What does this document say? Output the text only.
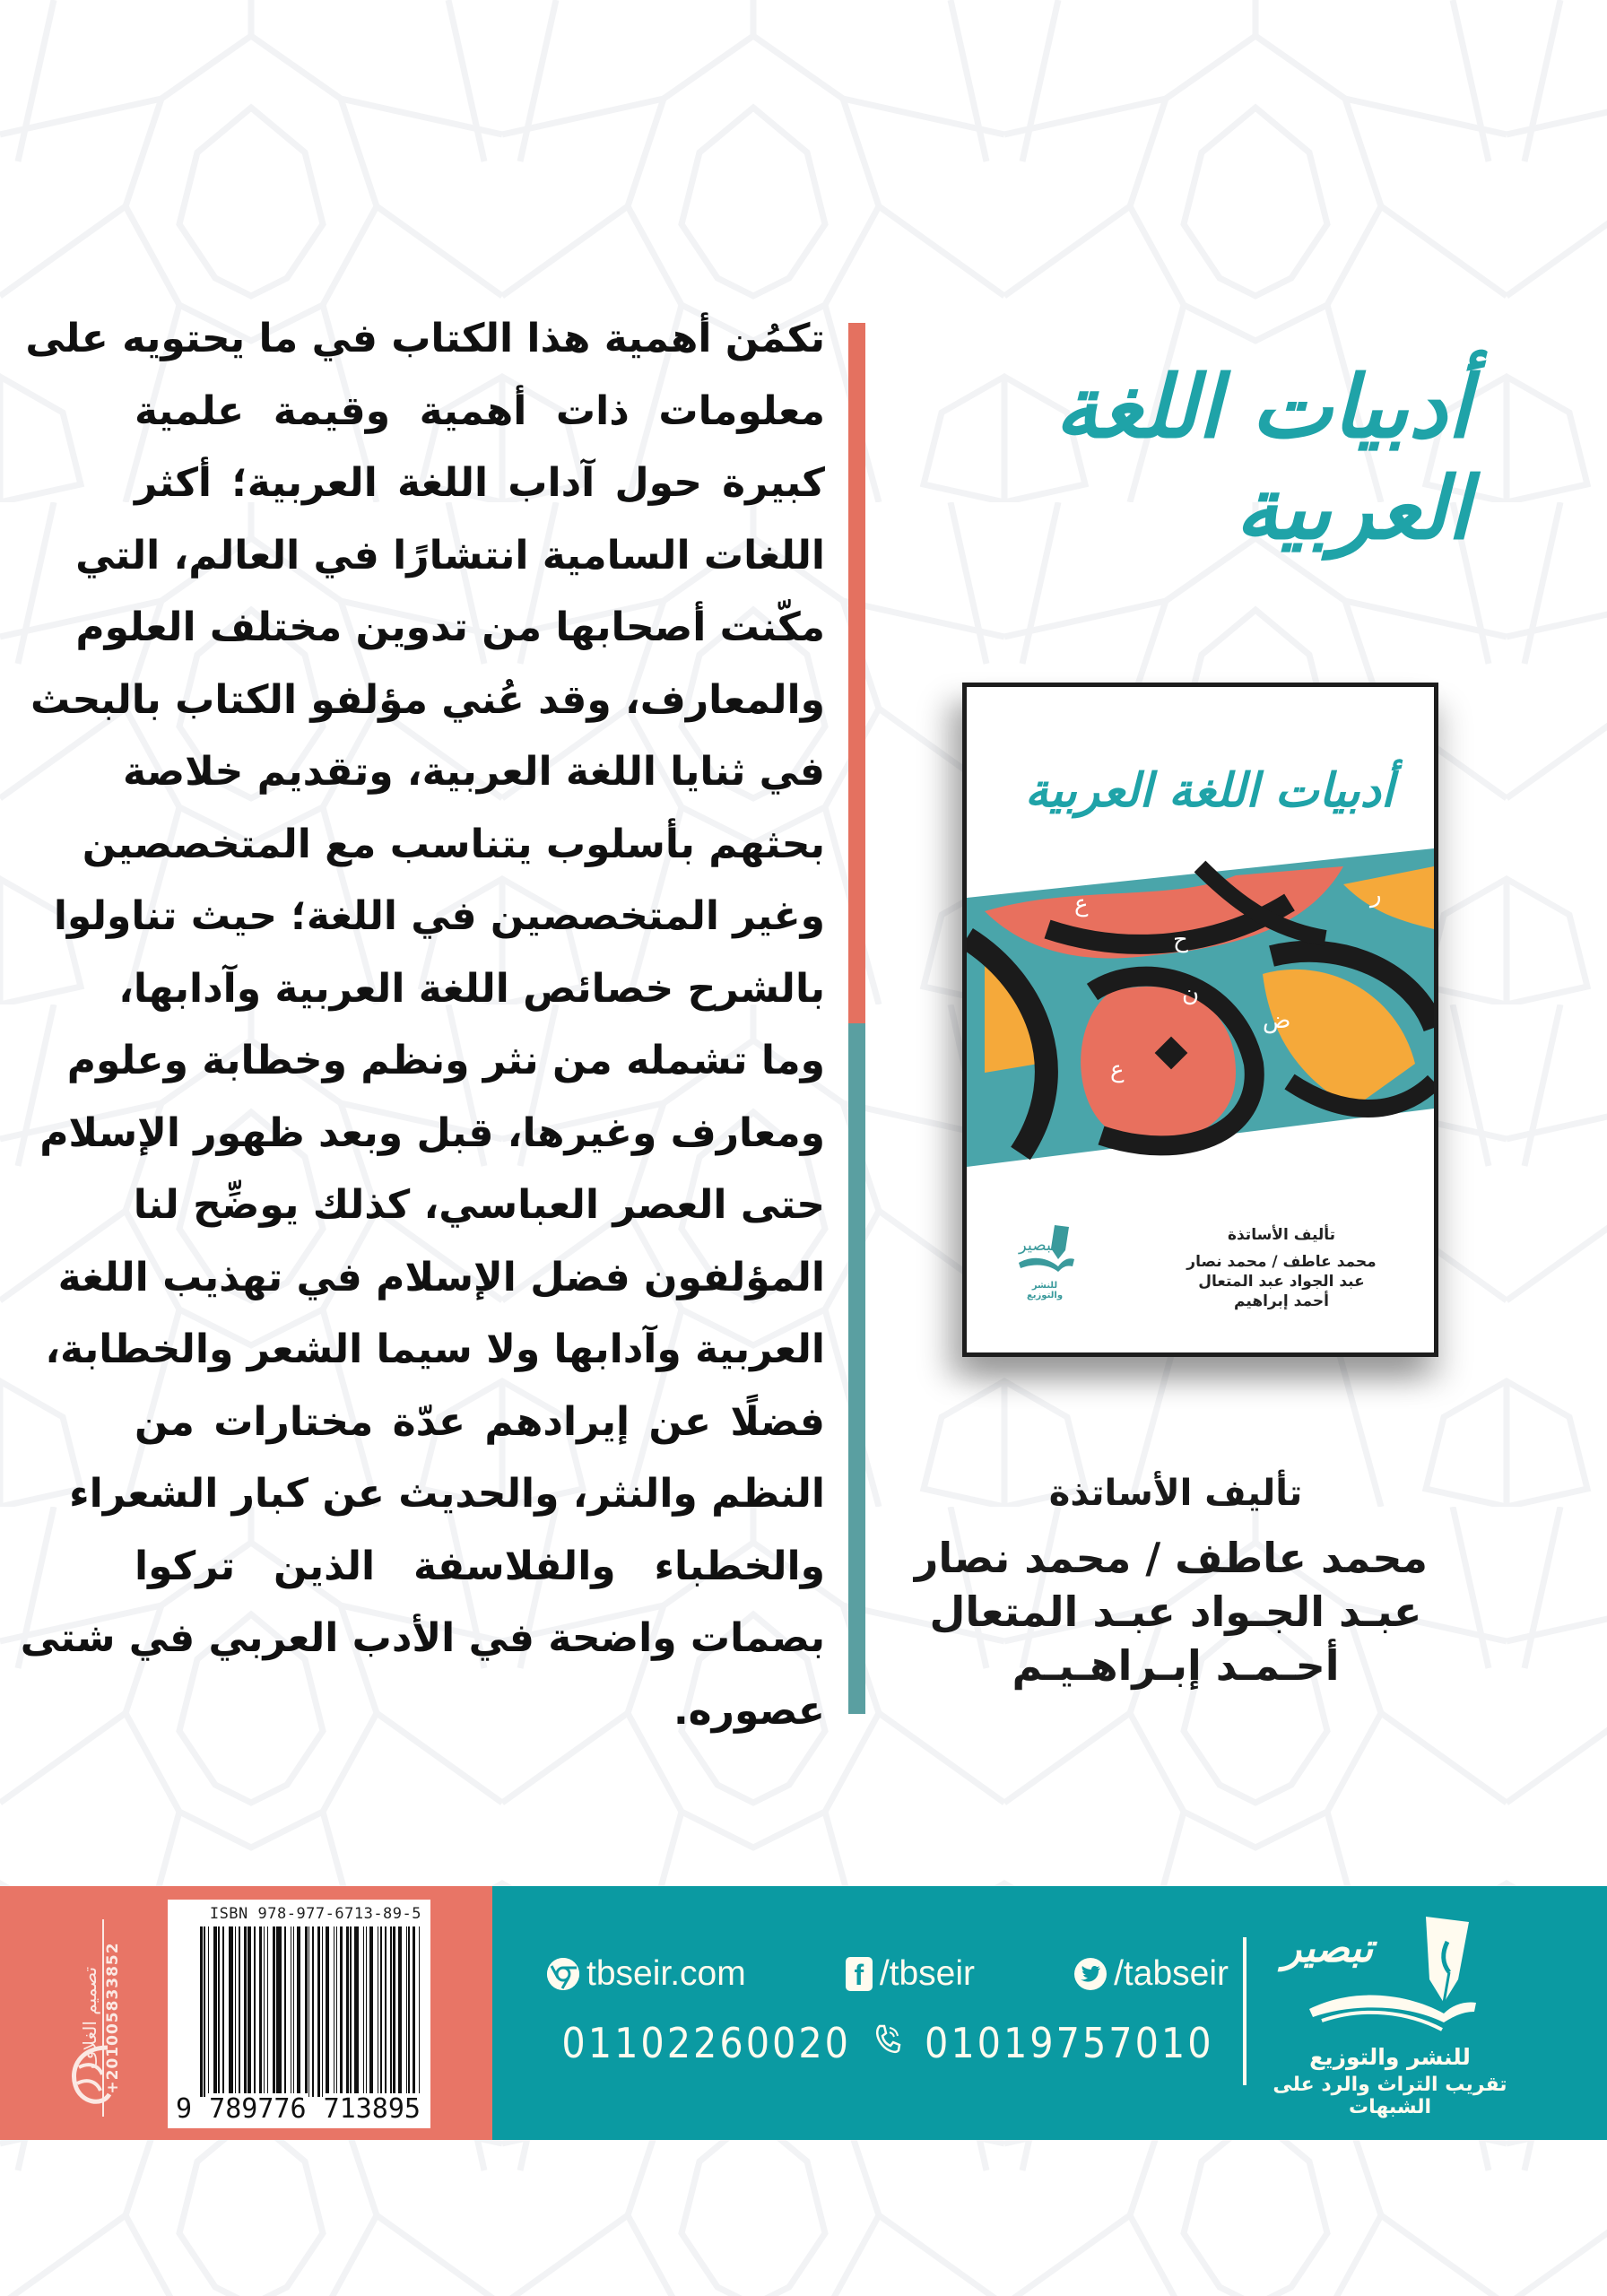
تكمُن أهمية هذا الكتاب في ما يحتويه على
معلومات ذات أهمية وقيمة علمية
كبيرة حول آداب اللغة العربية؛ أكثر
اللغات السامية انتشارًا في العالم، التي
مكّنت أصحابها من تدوين مختلف العلوم
والمعارف، وقد عُني مؤلفو الكتاب بالبحث
في ثنايا اللغة العربية، وتقديم خلاصة
بحثهم بأسلوب يتناسب مع المتخصصين
وغير المتخصصين في اللغة؛ حيث تناولوا
بالشرح خصائص اللغة العربية وآدابها،
وما تشمله من نثر ونظم وخطابة وعلوم
ومعارف وغيرها، قبل وبعد ظهور الإسلام
حتى العصر العباسي، كذلك يوضِّح لنا
المؤلفون فضل الإسلام في تهذيب اللغة
العربية وآدابها ولا سيما الشعر والخطابة،
فضلًا عن إيرادهم عدّة مختارات من
النظم والنثر، والحديث عن كبار الشعراء
والخطباء والفلاسفة الذين تركوا
بصمات واضحة في الأدب العربي في شتى
عصوره.
أدبيات اللغة العربية
أدبيات اللغة العربية
ع
ح
ض
ع
ن
ر
تأليف الأساتذة
محمد عاطف / محمد نصار
عبد الجواد عبد المتعال
أحمد إبراهيم
تبصير
للنشر والتوزيع
تأليف الأساتذة
محمد عاطف / محمد نصار
عبـد الجـواد عبـد المتعال
أحـمـد إبـراهـيـم
تصميم الغلاف +201005833852
ISBN 978-977-6713-89-5
9 789776 713895
tbseir.com	f /tbseir	/tabseir
01102260020 01019757010
تبصير
للنشر والتوزيع
تقريب التراث والرد على الشبهات
